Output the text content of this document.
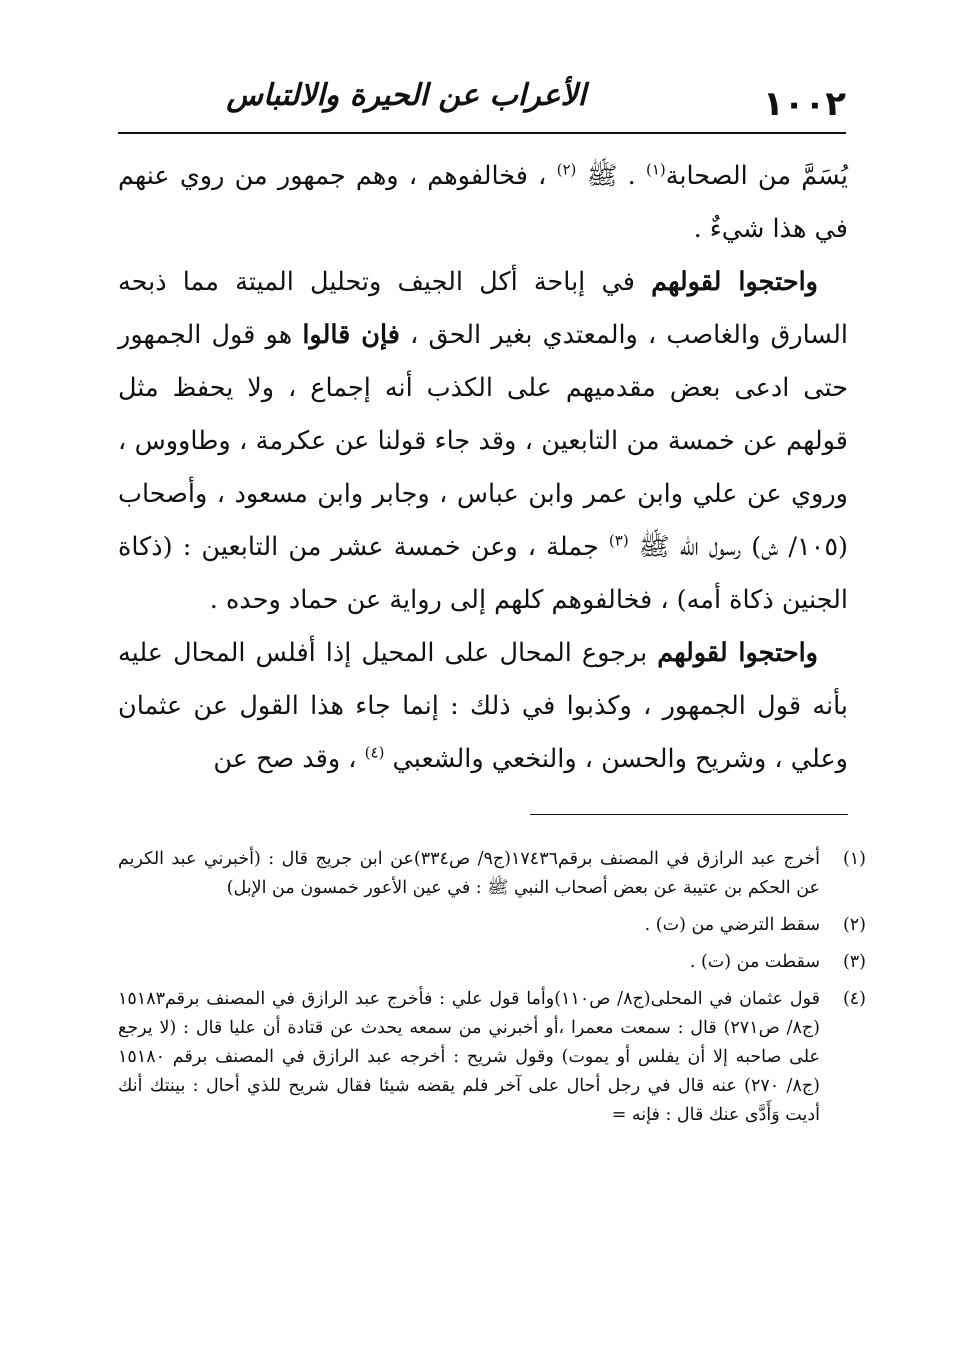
١٠٠٢
الأعراب عن الحيرة والالتباس

يُسَمَّ من الصحابة$^{(١)}$ . ﷺ $^{(٢)}$ ، فخالفوهم ، وهم جمهور من روي عنهم في هذا شيءٌ .

واحتجوا لقولهم في إباحة أكل الجيف وتحليل الميتة مما ذبحه السارق والغاصب ، والمعتدي بغير الحق ، فإن قالوا هو قول الجمهور حتى ادعى بعض مقدميهم على الكذب أنه إجماع ، ولا يحفظ مثل قولهم عن خمسة من التابعين ، وقد جاء قولنا عن عكرمة ، وطاووس ، وروي عن علي وابن عمر وابن عباس ، وجابر وابن مسعود ، وأصحاب (١٠٥/ ش) رسول الله ﷺ $^{(٣)}$ جملة ، وعن خمسة عشر من التابعين : (ذكاة الجنين ذكاة أمه) ، فخالفوهم كلهم إلى رواية عن حماد وحده .

واحتجوا لقولهم برجوع المحال على المحيل إذا أفلس المحال عليه بأنه قول الجمهور ، وكذبوا في ذلك : إنما جاء هذا القول عن عثمان وعلي ، وشريح والحسن ، والنخعي والشعبي $^{(٤)}$ ، وقد صح عن

(١)
أخرج عبد الرازق في المصنف برقم١٧٤٣٦(ج٩/ ص٣٣٤)عن ابن جريج قال : (أخبرني عبد الكريم عن الحكم بن عتيبة عن بعض أصحاب النبي ﷺ : في عين الأعور خمسون من الإبل)
(٢)
سقط الترضي من (ت) .
(٣)
سقطت من (ت) .
(٤)
قول عثمان في المحلى(ج٨/ ص١١٠)وأما قول علي : فأخرج عبد الرازق في المصنف برقم١٥١٨٣ (ج٨/ ص٢٧١) قال : سمعت معمرا ،أو أخبرني من سمعه يحدث عن قتادة أن عليا قال : (لا يرجع على صاحبه إلا أن يفلس أو يموت) وقول شريح : أخرجه عبد الرازق في المصنف برقم ١٥١٨٠ (ج٨/ ٢٧٠) عنه قال في رجل أحال على آخر فلم يقضه شيئا فقال شريح للذي أحال : بينتك أنك أديت وَأَدَّى عنك قال : فإنه =
